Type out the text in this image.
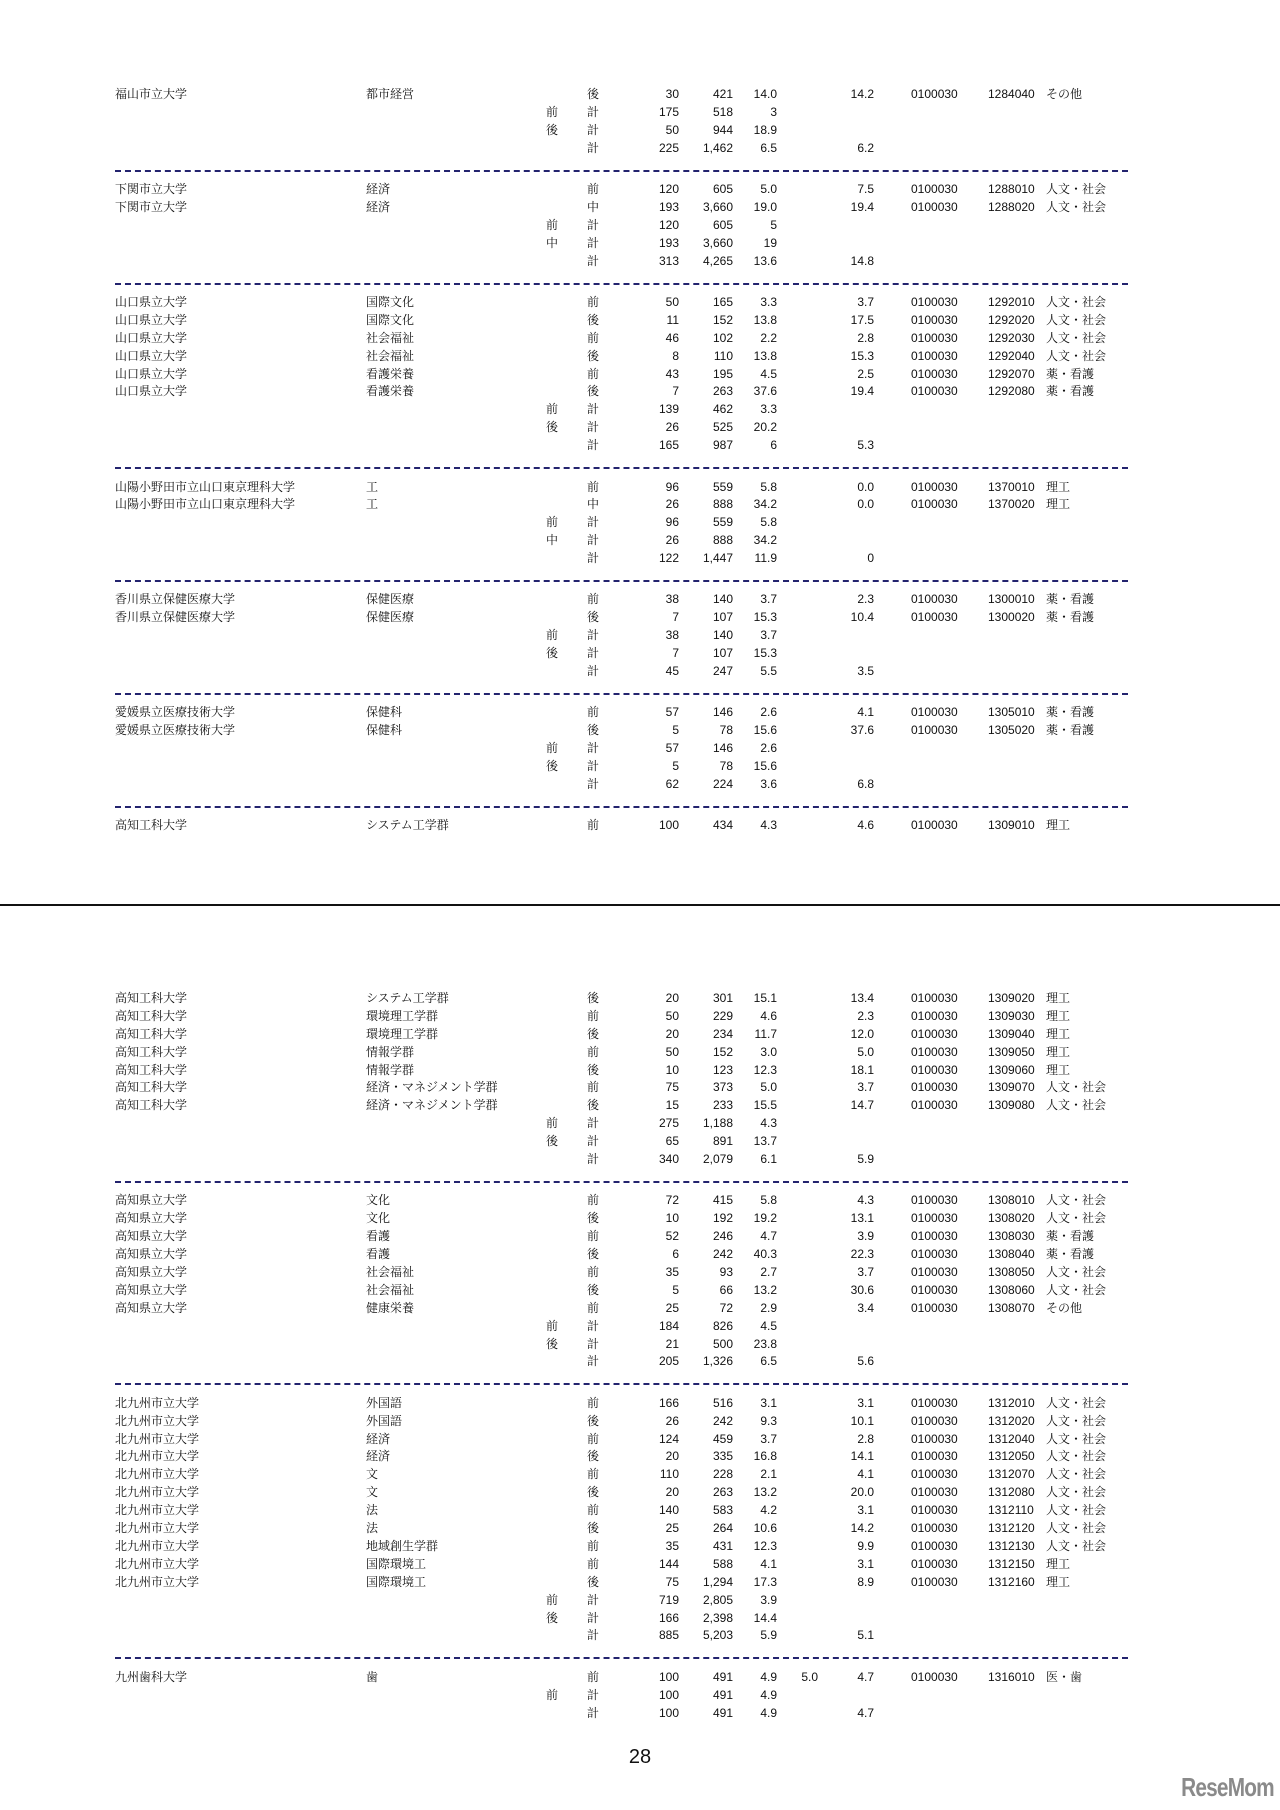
福山市立大学	都市経営	後	30	421 14.0	14.2	0100030	1284040 その他
前	計	175	518	3
後	計	50	944 18.9
計	225 1,462 6.5	6.2
下関市立大学	経済	前	120	605 5.0	7.5	0100030	1288010 人文・社会
下関市立大学	経済	中	193 3,660 19.0	19.4	0100030	1288020 人文・社会
前	計	120	605	5
中	計	193 3,660	19
計	313 4,265 13.6	14.8
山口県立大学	国際文化	前	50	165 3.3	3.7	0100030	1292010 人文・社会
山口県立大学	国際文化	後	11	152 13.8	17.5	0100030	1292020 人文・社会
山口県立大学	社会福祉	前	46	102 2.2	2.8	0100030	1292030 人文・社会
山口県立大学	社会福祉	後	8	110 13.8	15.3	0100030	1292040 人文・社会
山口県立大学	看護栄養	前	43	195 4.5	2.5	0100030	1292070 薬・看護
山口県立大学	看護栄養	後	7	263 37.6	19.4	0100030	1292080 薬・看護
前	計	139	462 3.3
後	計	26	525 20.2
計	165	987	6	5.3
山陽小野田市立山口東京理科大学	工	前	96	559 5.8	0.0	0100030	1370010 理工
山陽小野田市立山口東京理科大学	工	中	26	888 34.2	0.0	0100030	1370020 理工
前	計	96	559 5.8
中	計	26	888 34.2
計	122 1,447 11.9	0
香川県立保健医療大学	保健医療	前	38	140 3.7	2.3	0100030	1300010 薬・看護
香川県立保健医療大学	保健医療	後	7	107 15.3	10.4	0100030	1300020 薬・看護
前	計	38	140 3.7
後	計	7	107 15.3
計	45	247 5.5	3.5
愛媛県立医療技術大学	保健科	前	57	146 2.6	4.1	0100030	1305010 薬・看護
愛媛県立医療技術大学	保健科	後	5	78 15.6	37.6	0100030	1305020 薬・看護
前	計	57	146 2.6
後	計	5	78 15.6
計	62	224 3.6	6.8
高知工科大学	システム工学群	前	100	434 4.3	4.6	0100030	1309010 理工
高知工科大学	システム工学群	後	20	301 15.1	13.4	0100030	1309020 理工
高知工科大学	環境理工学群	前	50	229 4.6	2.3	0100030	1309030 理工
高知工科大学	環境理工学群	後	20	234 11.7	12.0	0100030	1309040 理工
高知工科大学	情報学群	前	50	152 3.0	5.0	0100030	1309050 理工
高知工科大学	情報学群	後	10	123 12.3	18.1	0100030	1309060 理工
高知工科大学	経済・マネジメント学群	前	75	373 5.0	3.7	0100030	1309070 人文・社会
高知工科大学	経済・マネジメント学群	後	15	233 15.5	14.7	0100030	1309080 人文・社会
前	計	275 1,188 4.3
後	計	65	891 13.7
計	340 2,079 6.1	5.9
高知県立大学	文化	前	72	415 5.8	4.3	0100030	1308010 人文・社会
高知県立大学	文化	後	10	192 19.2	13.1	0100030	1308020 人文・社会
高知県立大学	看護	前	52	246 4.7	3.9	0100030	1308030 薬・看護
高知県立大学	看護	後	6	242 40.3	22.3	0100030	1308040 薬・看護
高知県立大学	社会福祉	前	35	93 2.7	3.7	0100030	1308050 人文・社会
高知県立大学	社会福祉	後	5	66 13.2	30.6	0100030	1308060 人文・社会
高知県立大学	健康栄養	前	25	72 2.9	3.4	0100030	1308070 その他
前	計	184	826 4.5
後	計	21	500 23.8
計	205 1,326 6.5	5.6
北九州市立大学	外国語	前	166	516 3.1	3.1	0100030	1312010 人文・社会
北九州市立大学	外国語	後	26	242 9.3	10.1	0100030	1312020 人文・社会
北九州市立大学	経済	前	124	459 3.7	2.8	0100030	1312040 人文・社会
北九州市立大学	経済	後	20	335 16.8	14.1	0100030	1312050 人文・社会
北九州市立大学	文	前	110	228 2.1	4.1	0100030	1312070 人文・社会
北九州市立大学	文	後	20	263 13.2	20.0	0100030	1312080 人文・社会
北九州市立大学	法	前	140	583 4.2	3.1	0100030	1312110 人文・社会
北九州市立大学	法	後	25	264 10.6	14.2	0100030	1312120 人文・社会
北九州市立大学	地域創生学群	前	35	431 12.3	9.9	0100030	1312130 人文・社会
北九州市立大学	国際環境工	前	144	588 4.1	3.1	0100030	1312150 理工
北九州市立大学	国際環境工	後	75 1,294 17.3	8.9	0100030	1312160 理工
前	計	719 2,805 3.9
後	計	166 2,398 14.4
計	885 5,203 5.9	5.1
九州歯科大学	歯	前	100	491 4.9 5.0	4.7	0100030	1316010 医・歯
前	計	100	491 4.9
計	100	491 4.9	4.7
28
ReseMom
